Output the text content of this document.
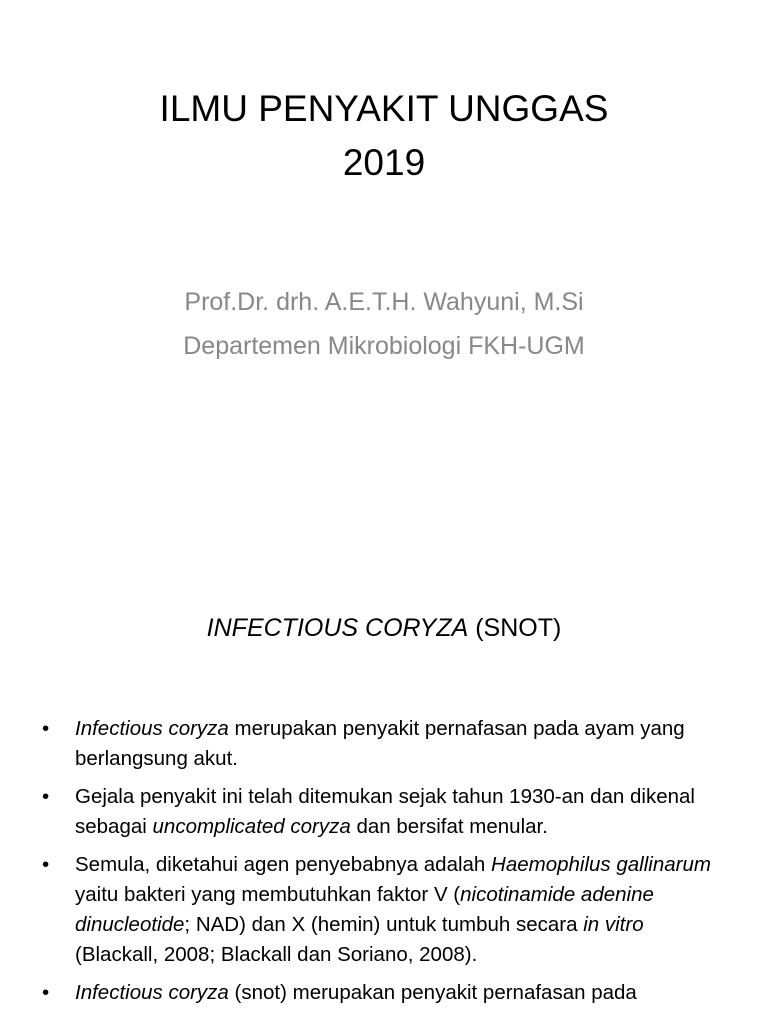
ILMU PENYAKIT UNGGAS
2019
Prof.Dr. drh. A.E.T.H. Wahyuni, M.Si
Departemen Mikrobiologi FKH-UGM
INFECTIOUS CORYZA (SNOT)
• Infectious coryza merupakan penyakit pernafasan pada ayam yang berlangsung akut.
• Gejala penyakit ini telah ditemukan sejak tahun 1930-an dan dikenal sebagai uncomplicated coryza dan bersifat menular.
• Semula, diketahui agen penyebabnya adalah Haemophilus gallinarum yaitu bakteri yang membutuhkan faktor V (nicotinamide adenine dinucleotide; NAD) dan X (hemin) untuk tumbuh secara in vitro (Blackall, 2008; Blackall dan Soriano, 2008).
• Infectious coryza (snot) merupakan penyakit pernafasan pada
